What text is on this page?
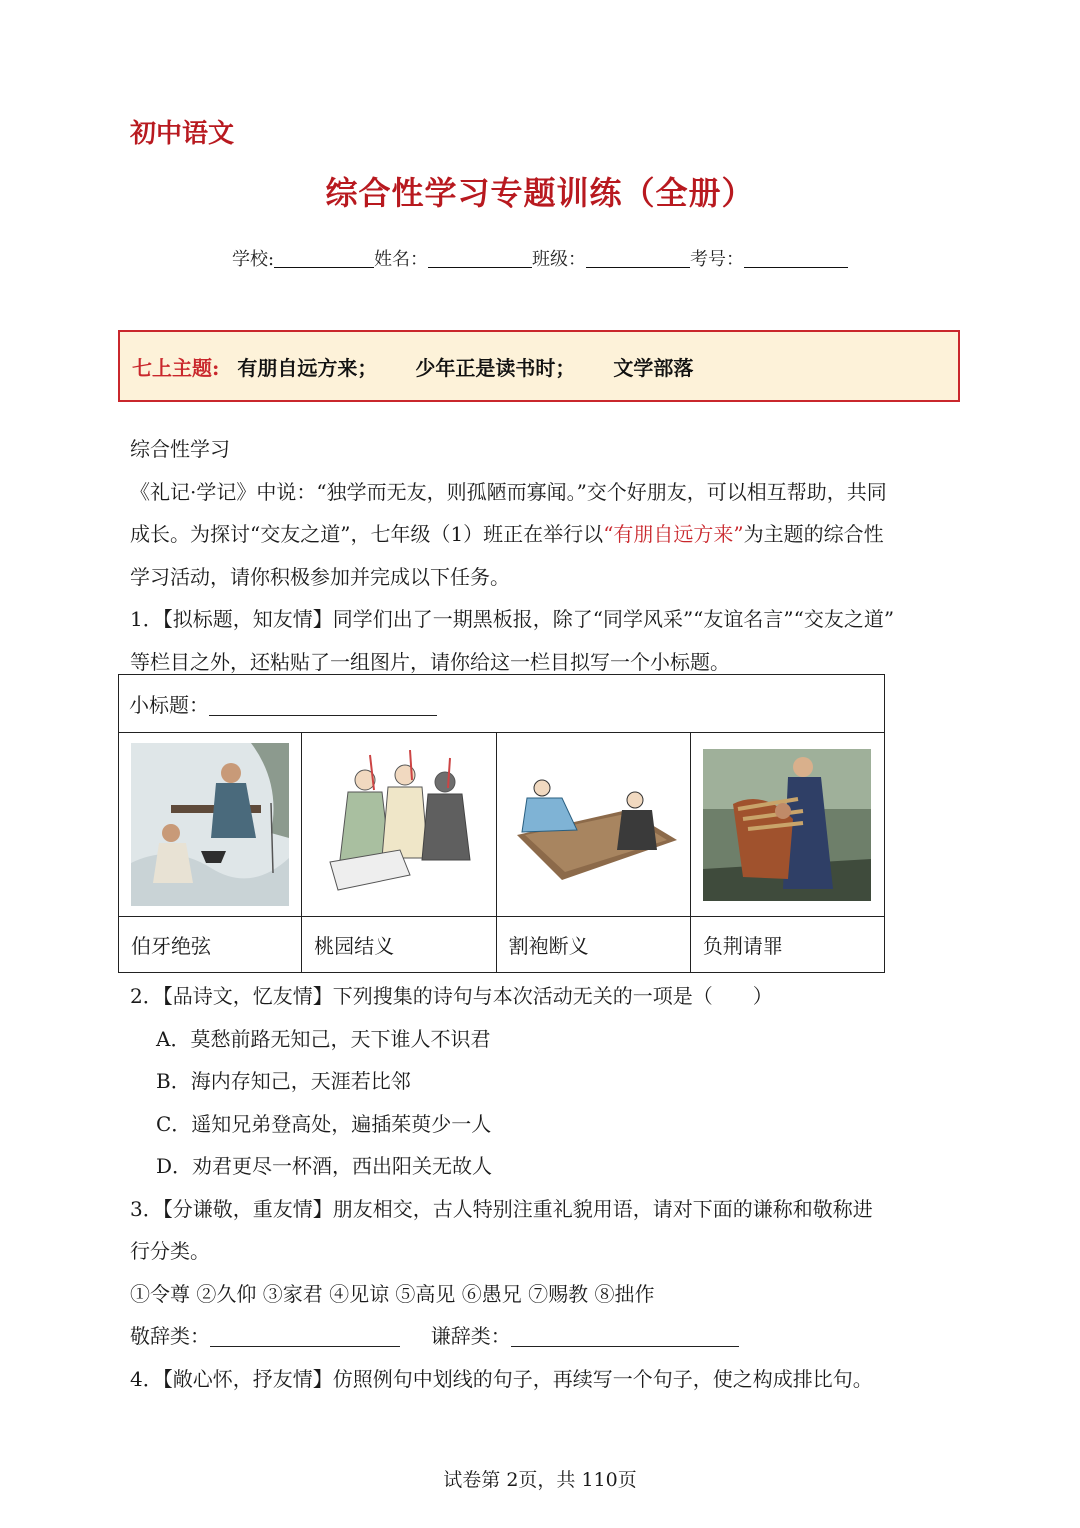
初中语文
综合性学习专题训练（全册）
学校:	姓名：	班级：	考号：
七上主题: 有朋自远方来； 少年正是读书时； 文学部落
综合性学习
《礼记·学记》中说：“独学而无友，则孤陋而寡闻。”交个好朋友，可以相互帮助，共同
成长。为探讨“交友之道”，七年级（1）班正在举行以“有朋自远方来”为主题的综合性
学习活动，请你积极参加并完成以下任务。
1．【拟标题，知友情】同学们出了一期黑板报，除了“同学风采”“友谊名言”“交友之道”
等栏目之外，还粘贴了一组图片，请你给这一栏目拟写一个小标题。
小标题：			

伯牙绝弦	桃园结义	割袍断义	负荆请罪
2．【品诗文，忆友情】下列搜集的诗句与本次活动无关的一项是（　　）
A．莫愁前路无知己，天下谁人不识君
B．海内存知己，天涯若比邻
C．遥知兄弟登高处，遍插茱萸少一人
D．劝君更尽一杯酒，西出阳关无故人
3．【分谦敬，重友情】朋友相交，古人特别注重礼貌用语，请对下面的谦称和敬称进
行分类。
①令尊 ②久仰 ③家君 ④见谅 ⑤高见 ⑥愚兄 ⑦赐教 ⑧拙作
敬辞类：	谦辞类：
4．【敞心怀，抒友情】仿照例句中划线的句子，再续写一个句子，使之构成排比句。
试卷第 2页，共 110页
